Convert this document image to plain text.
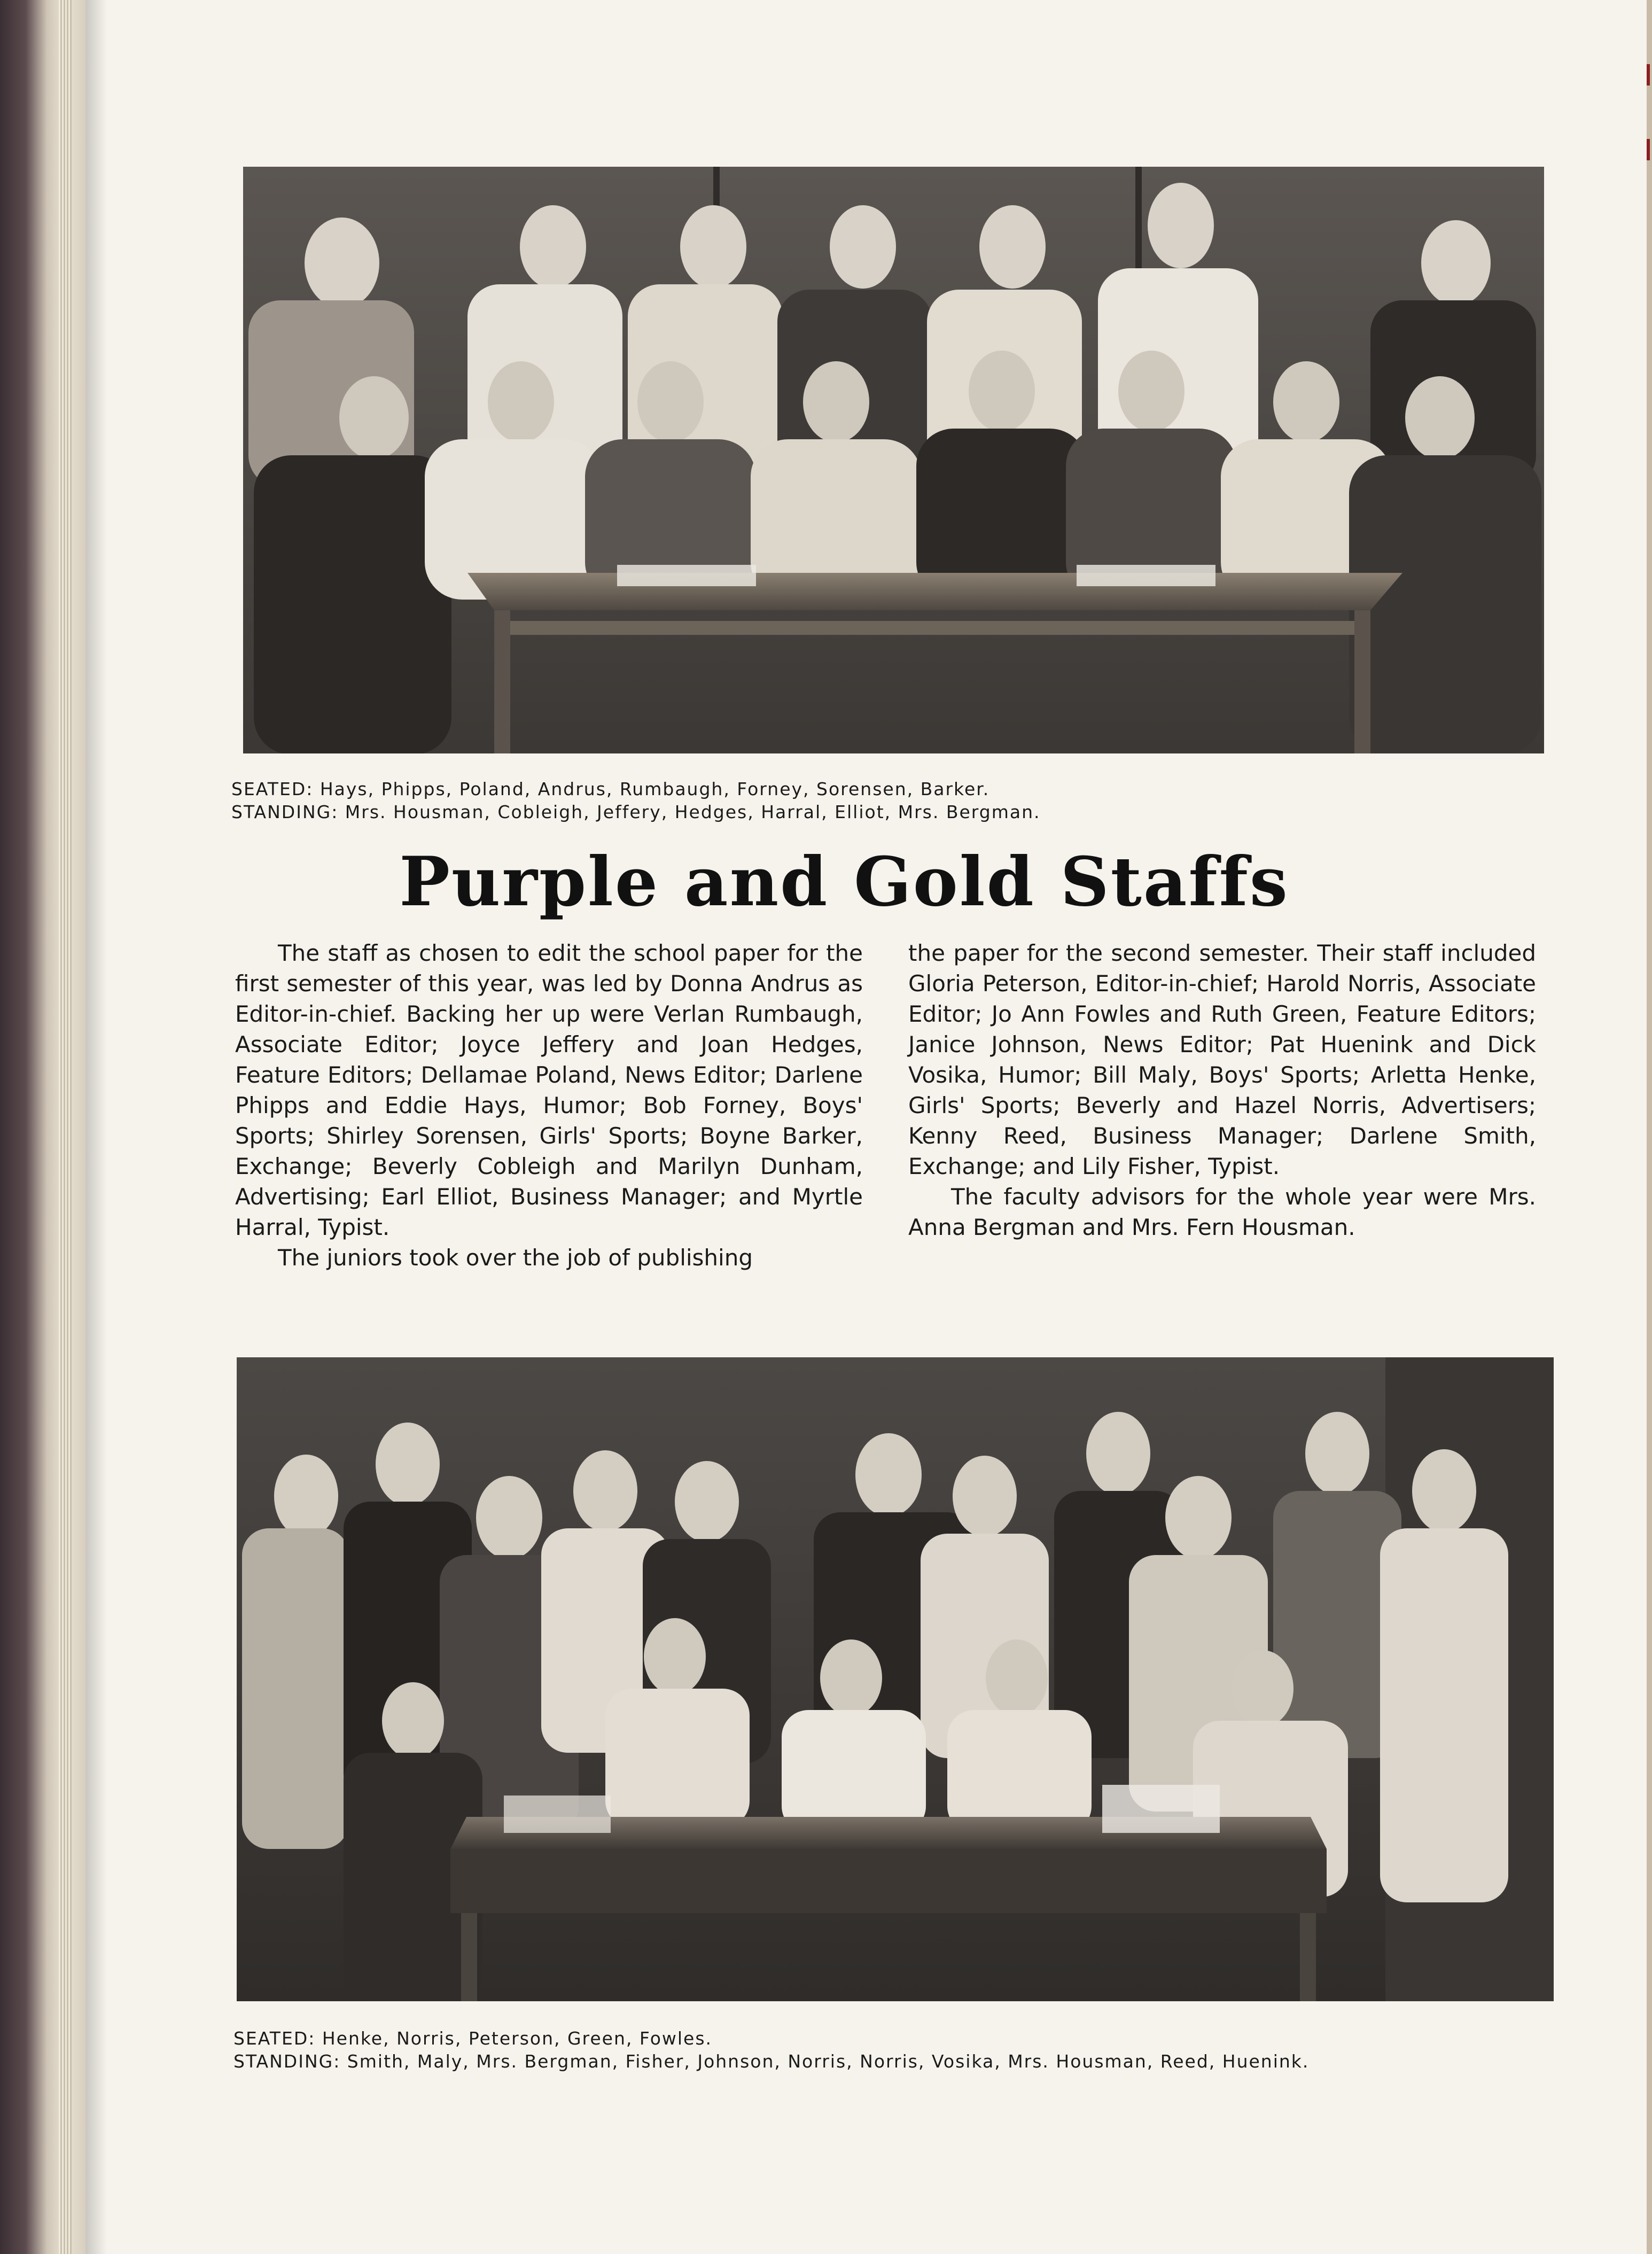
SEATED: Hays, Phipps, Poland, Andrus, Rumbaugh, Forney, Sorensen, Barker.
STANDING: Mrs. Housman, Cobleigh, Jeffery, Hedges, Harral, Elliot, Mrs. Bergman.
Purple and Gold Staffs

The staff as chosen to edit the school paper for the first semester of this year, was led by Donna Andrus as Editor-in-chief. Backing her up were Verlan Rumbaugh, Associate Editor; Joyce Jeffery and Joan Hedges, Feature Editors; Dellamae Poland, News Editor; Darlene Phipps and Eddie Hays, Humor; Bob Forney, Boys' Sports; Shirley Sorensen, Girls' Sports; Boyne Barker, Exchange; Beverly Cobleigh and Marilyn Dunham, Advertising; Earl Elliot, Business Manager; and Myrtle Harral, Typist.

The juniors took over the job of publishing

the paper for the second semester. Their staff included Gloria Peterson, Editor-in-chief; Harold Norris, Associate Editor; Jo Ann Fowles and Ruth Green, Feature Editors; Janice Johnson, News Editor; Pat Huenink and Dick Vosika, Humor; Bill Maly, Boys' Sports; Arletta Henke, Girls' Sports; Beverly and Hazel Norris, Advertisers; Kenny Reed, Business Manager; Darlene Smith, Exchange; and Lily Fisher, Typist.

The faculty advisors for the whole year were Mrs. Anna Bergman and Mrs. Fern Housman.

SEATED: Henke, Norris, Peterson, Green, Fowles.
STANDING: Smith, Maly, Mrs. Bergman, Fisher, Johnson, Norris, Norris, Vosika, Mrs. Housman, Reed, Huenink.
